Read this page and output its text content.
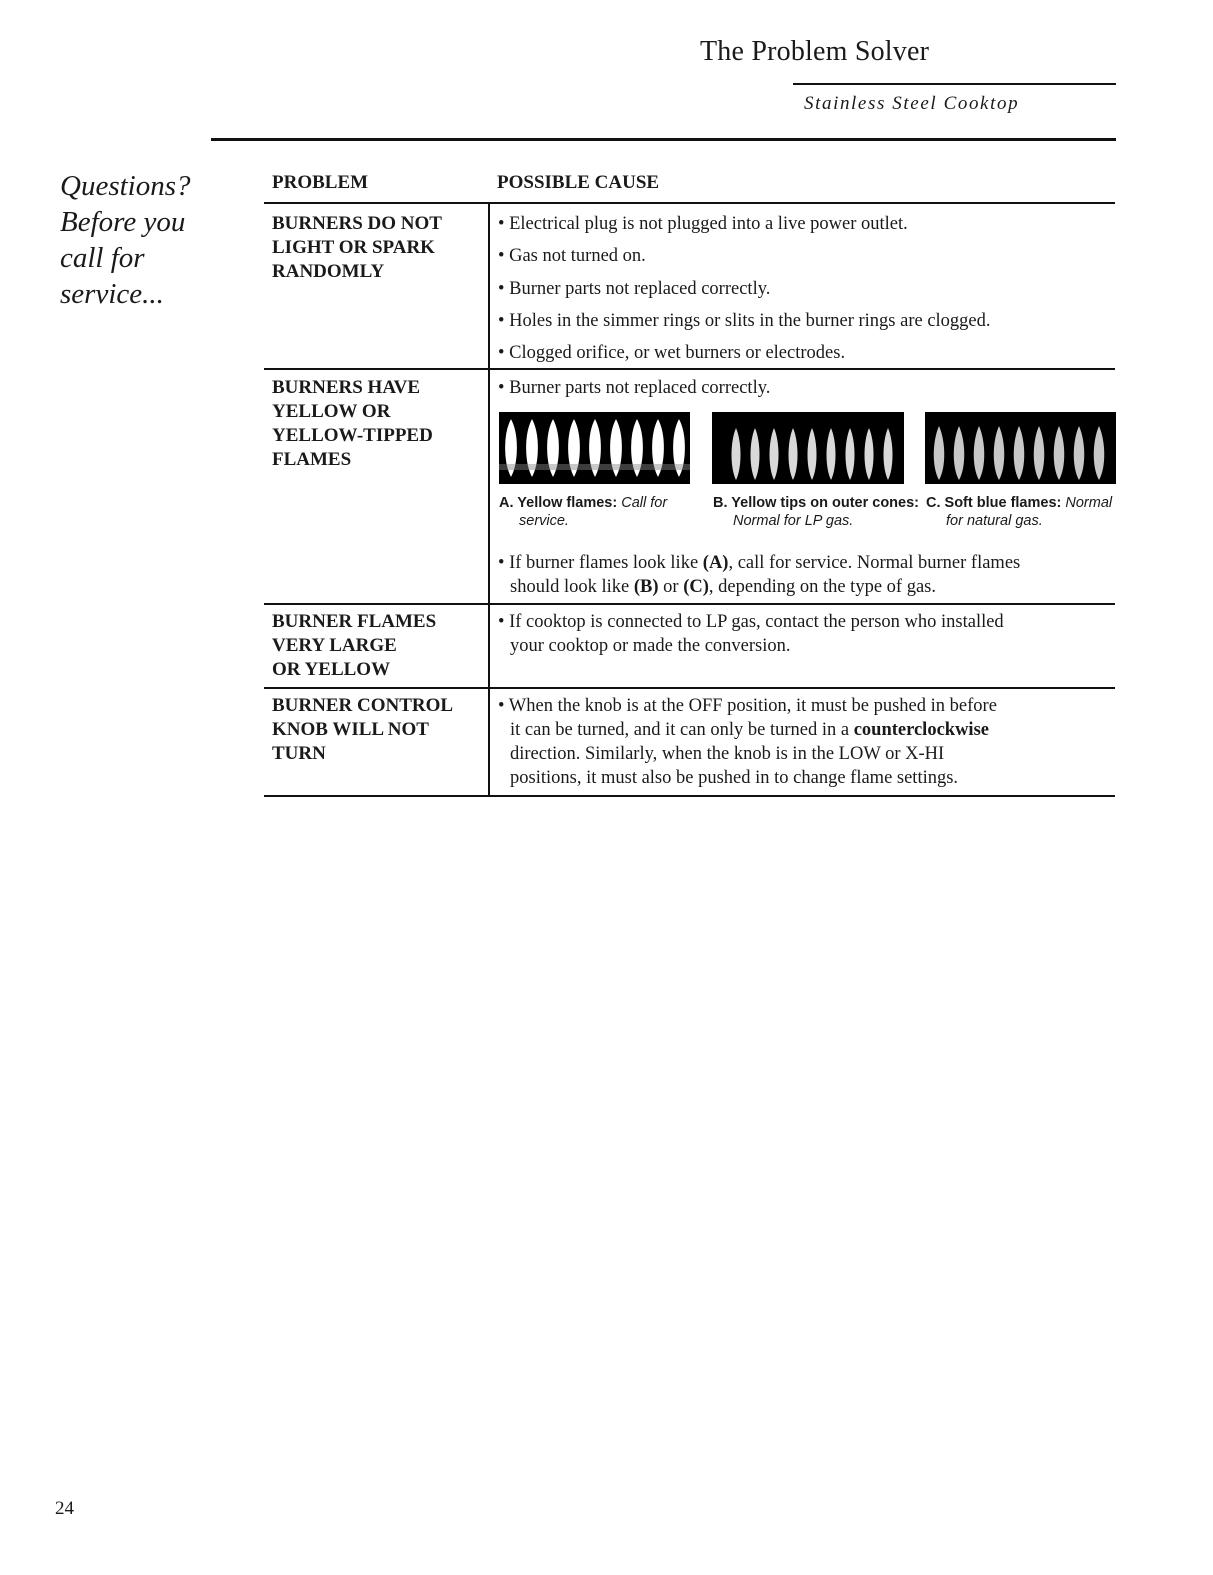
The Problem Solver
Stainless Steel Cooktop
Questions?
Before you
call for
service...
PROBLEM	POSSIBLE CAUSE
BURNERS DO NOT
LIGHT OR SPARK
RANDOMLY
• Electrical plug is not plugged into a live power outlet.
• Gas not turned on.
• Burner parts not replaced correctly.
• Holes in the simmer rings or slits in the burner rings are clogged.
• Clogged orifice, or wet burners or electrodes.
BURNERS HAVE
YELLOW OR
YELLOW-TIPPED
FLAMES
• Burner parts not replaced correctly.
A. Yellow flames: Call for
service.
B. Yellow tips on outer cones:
Normal for LP gas.
C. Soft blue flames: Normal
for natural gas.
• If burner flames look like (A), call for service. Normal burner flames
should look like (B) or (C), depending on the type of gas.
BURNER FLAMES
VERY LARGE
OR YELLOW
• If cooktop is connected to LP gas, contact the person who installed
your cooktop or made the conversion.
BURNER CONTROL
KNOB WILL NOT
TURN
• When the knob is at the OFF position, it must be pushed in before
it can be turned, and it can only be turned in a counterclockwise
direction. Similarly, when the knob is in the LOW or X-HI
positions, it must also be pushed in to change flame settings.
24
